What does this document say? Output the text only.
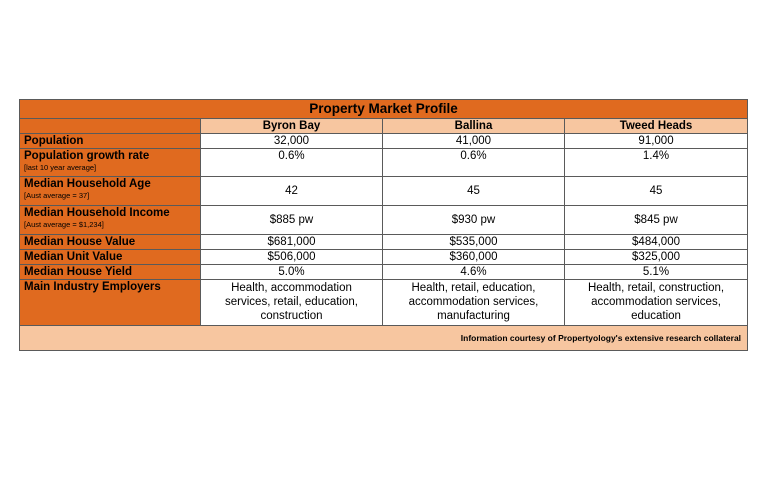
Property Market Profile			
	Byron Bay	Ballina	Tweed Heads
Population	32,000	41,000	91,000
Population growth rate
[last 10 year average]	0.6%	0.6%	1.4%
Median Household Age
[Aust average = 37]	42	45	45
Median Household Income
[Aust average = $1,234]	$885 pw	$930 pw	$845 pw
Median House Value	$681,000	$535,000	$484,000
Median Unit Value	$506,000	$360,000	$325,000
Median House Yield	5.0%	4.6%	5.1%
Main Industry Employers	Health, accommodation services, retail, education, construction	Health, retail, education, accommodation services, manufacturing	Health, retail, construction, accommodation services, education
Information courtesy of Propertyology's extensive research collateral			
